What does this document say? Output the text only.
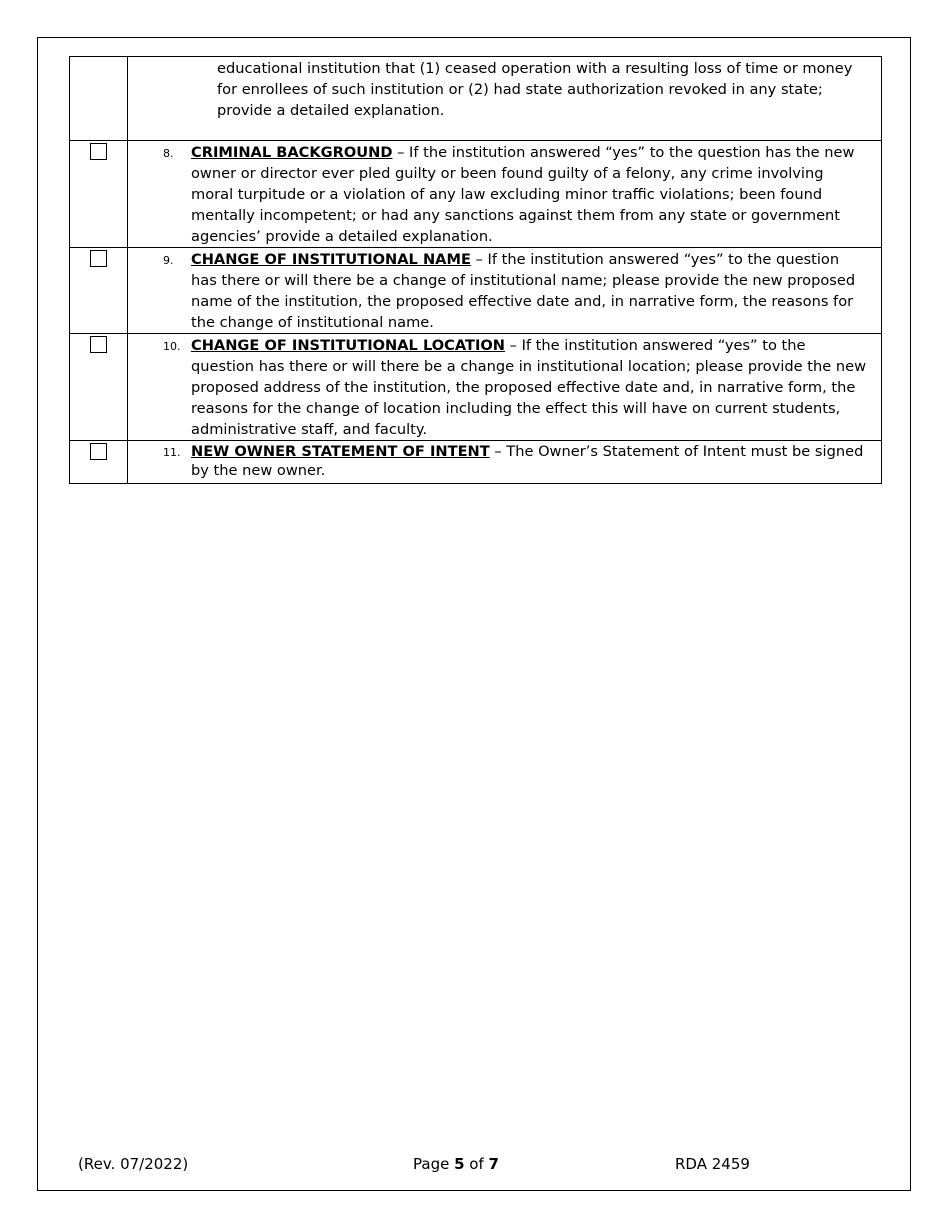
	educational institution that (1) ceased operation with a resulting loss of time or money for enrollees of such institution or (2) had state authorization revoked in any state; provide a detailed explanation.

	8. CRIMINAL BACKGROUND – If the institution answered “yes” to the question has the new owner or director ever pled guilty or been found guilty of a felony, any crime involving moral turpitude or a violation of any law excluding minor traffic violations; been found mentally incompetent; or had any sanctions against them from any state or government agencies’ provide a detailed explanation.

	9. CHANGE OF INSTITUTIONAL NAME – If the institution answered “yes” to the question has there or will there be a change of institutional name; please provide the new proposed name of the institution, the proposed effective date and, in narrative form, the reasons for the change of institutional name.

	10. CHANGE OF INSTITUTIONAL LOCATION – If the institution answered “yes” to the question has there or will there be a change in institutional location; please provide the new proposed address of the institution, the proposed effective date and, in narrative form, the reasons for the change of location including the effect this will have on current students, administrative staff, and faculty.

	11. NEW OWNER STATEMENT OF INTENT – The Owner’s Statement of Intent must be signed by the new owner.
(Rev. 07/2022)	Page 5 of 7	RDA 2459
